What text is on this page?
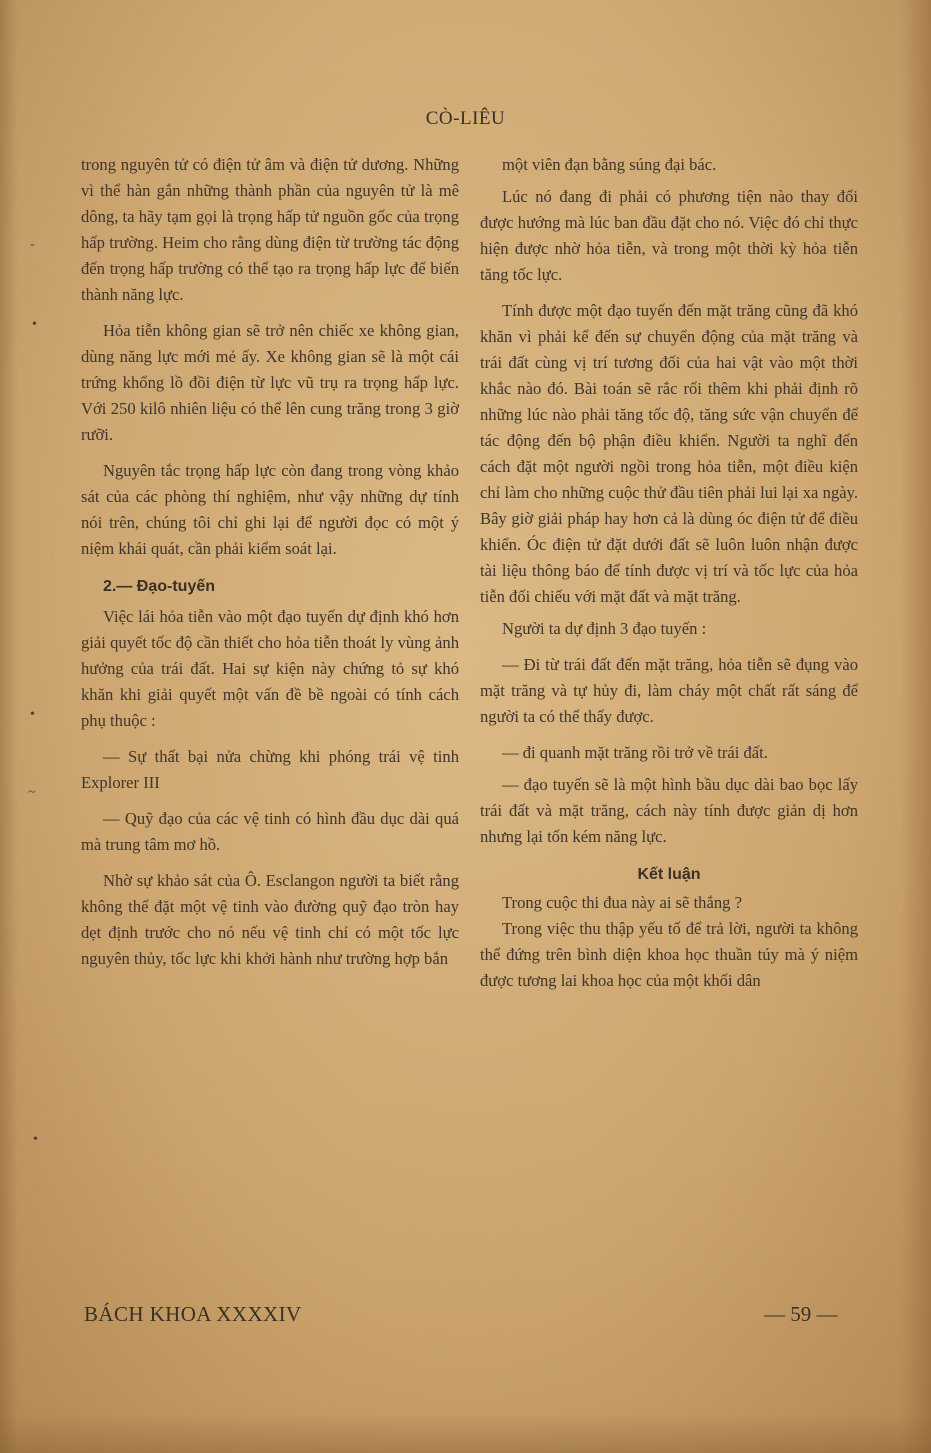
-
•
•
~
•
CÒ-LIÊU

trong nguyên tử có điện tử âm và điện tử dương. Những vì thể hàn gắn những thành phần của nguyên tử là mê dông, ta hãy tạm gọi là trọng hấp tử nguồn gốc của trọng hấp trường. Heim cho rằng dùng điện từ trường tác động đến trọng hấp trường có thể tạo ra trọng hấp lực để biến thành năng lực.

Hỏa tiễn không gian sẽ trở nên chiếc xe không gian, dùng năng lực mới mẻ ấy. Xe không gian sẽ là một cái trứng khổng lồ đồi điện từ lực vũ trụ ra trọng hấp lực. Với 250 kilô nhiên liệu có thể lên cung trăng trong 3 giờ rưỡi.

Nguyên tắc trọng hấp lực còn đang trong vòng khảo sát của các phòng thí nghiệm, như vậy những dự tính nói trên, chúng tôi chỉ ghi lại để người đọc có một ý niệm khái quát, cần phải kiểm soát lại.

2.— Đạo-tuyến

Việc lái hỏa tiễn vào một đạo tuyến dự định khó hơn giải quyết tốc độ cần thiết cho hỏa tiễn thoát ly vùng ảnh hưởng của trái đất. Hai sự kiện này chứng tỏ sự khó khăn khi giải quyết một vấn đề bề ngoài có tính cách phụ thuộc :

— Sự thất bại nửa chừng khi phóng trái vệ tinh Explorer III

— Quỹ đạo của các vệ tinh có hình đầu dục dài quá mà trung tâm mơ hồ.

Nhờ sự khảo sát của Ô. Esclangon người ta biết rằng không thể đặt một vệ tinh vào đường quỹ đạo tròn hay dẹt định trước cho nó nếu vệ tinh chỉ có một tốc lực nguyên thủy, tốc lực khi khởi hành như trường hợp bắn

một viên đạn bằng súng đại bác.

Lúc nó đang đi phải có phương tiện nào thay đổi được hướng mà lúc ban đầu đặt cho nó. Việc đó chỉ thực hiện được nhờ hỏa tiễn, và trong một thời kỳ hỏa tiễn tăng tốc lực.

Tính được một đạo tuyến đến mặt trăng cũng đã khó khăn vì phải kể đến sự chuyển động của mặt trăng và trái đất cùng vị trí tương đối của hai vật vào một thời khắc nào đó. Bài toán sẽ rắc rối thêm khi phải định rõ những lúc nào phải tăng tốc độ, tăng sức vận chuyển để tác động đến bộ phận điều khiển. Người ta nghĩ đến cách đặt một người ngồi trong hỏa tiễn, một điều kiện chỉ làm cho những cuộc thử đầu tiên phải lui lại xa ngày. Bây giờ giải pháp hay hơn cả là dùng óc điện tử để điều khiển. Óc điện tử đặt dưới đất sẽ luôn luôn nhận được tài liệu thông báo để tính được vị trí và tốc lực của hỏa tiễn đối chiếu với mặt đất và mặt trăng.

Người ta dự định 3 đạo tuyến :

— Đi từ trái đất đến mặt trăng, hỏa tiễn sẽ đụng vào mặt trăng và tự hủy đi, làm cháy một chất rất sáng để người ta có thể thấy được.

— đi quanh mặt trăng rồi trở về trái đất.

— đạo tuyến sẽ là một hình bầu dục dài bao bọc lấy trái đất và mặt trăng, cách này tính được giản dị hơn nhưng lại tốn kém năng lực.

Kết luận

Trong cuộc thi đua này ai sẽ thắng ?

Trong việc thu thập yếu tố để trả lời, người ta không thể đứng trên bình diện khoa học thuần túy mà ý niệm được tương lai khoa học của một khối dân

BÁCH KHOA XXXXIV	— 59 —
